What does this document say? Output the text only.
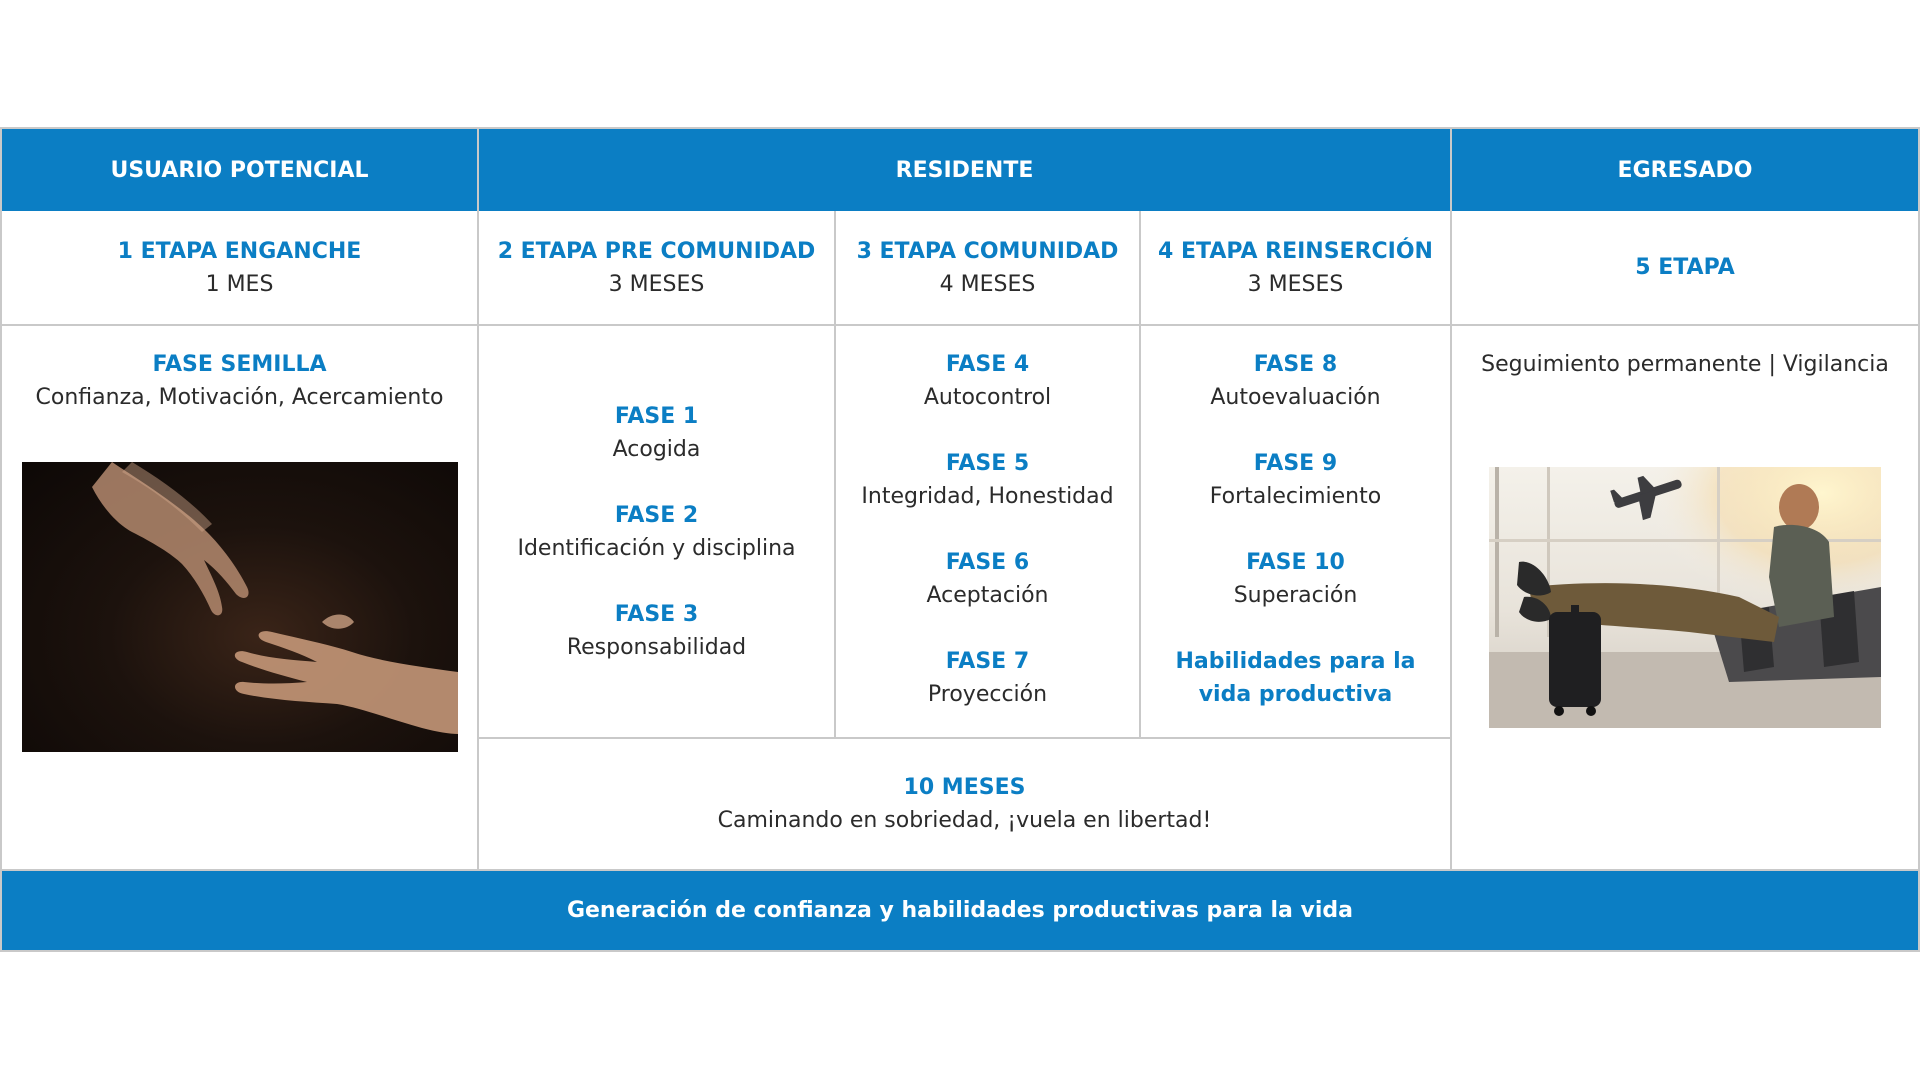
USUARIO POTENCIAL	RESIDENTE	EGRESADO
1 ETAPA ENGANCHE
1 MES
2 ETAPA PRE COMUNIDAD
3 MESES
3 ETAPA COMUNIDAD
4 MESES
4 ETAPA REINSERCIÓN
3 MESES
5 ETAPA
FASE SEMILLA
Confianza, Motivación, Acercamiento
FASE 1
Acogida
FASE 2
Identificación y disciplina
FASE 3
Responsabilidad
FASE 4
Autocontrol
FASE 5
Integridad, Honestidad
FASE 6
Aceptación
FASE 7
Proyección
FASE 8
Autoevaluación
FASE 9
Fortalecimiento
FASE 10
Superación
Habilidades para la
vida productiva
Seguimiento permanente | Vigilancia
10 MESES
Caminando en sobriedad, ¡vuela en libertad!
Generación de confianza y habilidades productivas para la vida
